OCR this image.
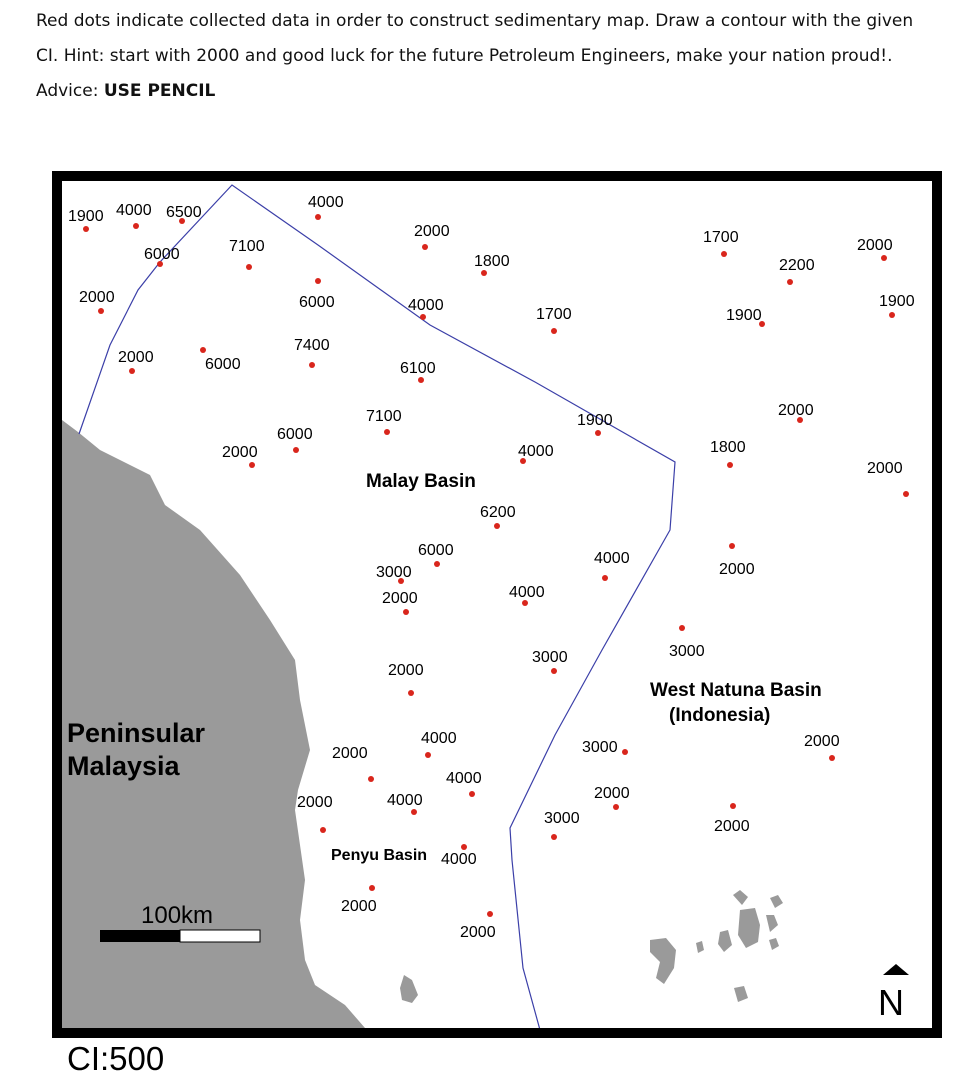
Red dots indicate collected data in order to construct sedimentary map. Draw a contour with the given CI. Hint: start with 2000 and good luck for the future Petroleum Engineers, make your nation proud!.

Advice: USE PENCIL

Malay Basin
West Natuna Basin
(Indonesia)
Peninsular
Malaysia
Penyu Basin
1900 4000 6500
6000	7100
4000
2000
1800
1700
2200
2000
2000	6000	4000
1700	1900
1900
2000	6000
7400
6100
7100
6000
2000
1900
2000
1800
4000
2000
6200
6000
3000
2000	4000
4000
2000
3000
3000
2000
4000
2000	3000
2000
4000
2000	4000
2000
3000
2000
4000
2000
2000
100km
N
CI:500
